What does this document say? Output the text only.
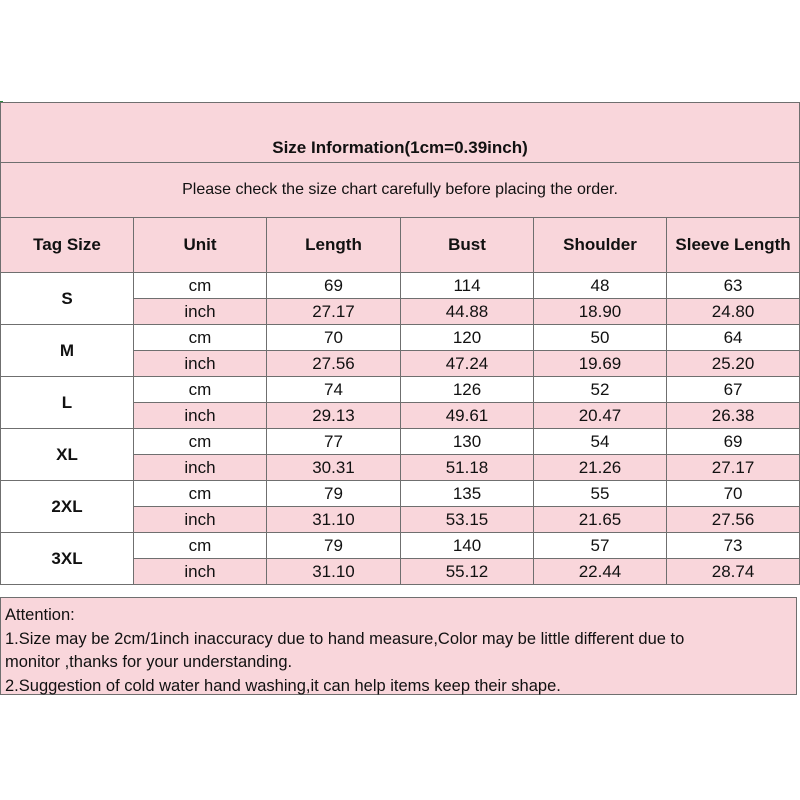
Size Information(1cm=0.39inch)					
Please check the size chart carefully before placing the order.					
Tag Size	Unit	Length	Bust	Shoulder	Sleeve Length
S	cm	69	114	48	63
	inch	27.17	44.88	18.90	24.80
M	cm	70	120	50	64
	inch	27.56	47.24	19.69	25.20
L	cm	74	126	52	67
	inch	29.13	49.61	20.47	26.38
XL	cm	77	130	54	69
	inch	30.31	51.18	21.26	27.17
2XL	cm	79	135	55	70
	inch	31.10	53.15	21.65	27.56
3XL	cm	79	140	57	73
	inch	31.10	55.12	22.44	28.74
Attention:
1.Size may be 2cm/1inch inaccuracy due to hand measure,Color may be little different due to
monitor ,thanks for your understanding.
2.Suggestion of cold water hand washing,it can help items keep their shape.
